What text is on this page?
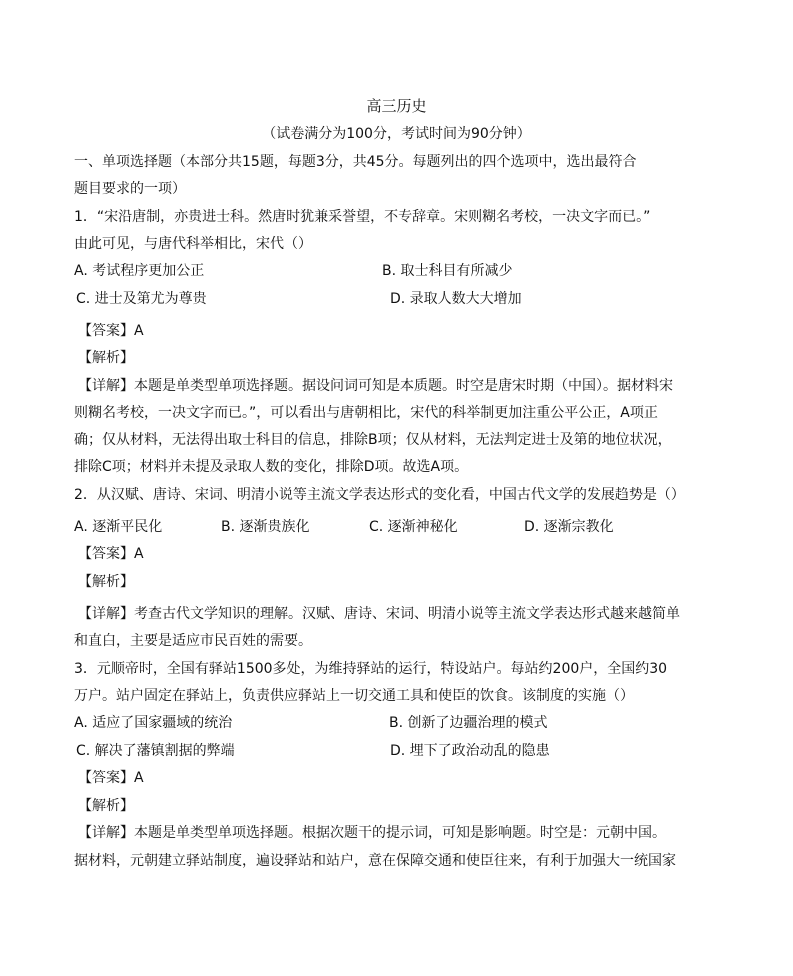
高三历史
（试卷满分为100分，考试时间为90分钟）
一、单项选择题（本部分共15题，每题3分，共45分。每题列出的四个选项中，选出最符合
题目要求的一项）
1．“宋沿唐制，亦贵进士科。然唐时犹兼采誉望，不专辞章。宋则糊名考校，一决文字而已。”
由此可见，与唐代科举相比，宋代（）
A. 考试程序更加公正	B. 取士科目有所减少
C. 进士及第尤为尊贵	D. 录取人数大大增加
【答案】A
【解析】
【详解】本题是单类型单项选择题。据设问词可知是本质题。时空是唐宋时期（中国）。据材料宋
则糊名考校，一决文字而已。”，可以看出与唐朝相比，宋代的科举制更加注重公平公正，A项正
确；仅从材料，无法得出取士科目的信息，排除B项；仅从材料，无法判定进士及第的地位状况，
排除C项；材料并未提及录取人数的变化，排除D项。故选A项。
2．从汉赋、唐诗、宋词、明清小说等主流文学表达形式的变化看，中国古代文学的发展趋势是（）
A. 逐渐平民化	B. 逐渐贵族化	C. 逐渐神秘化	D. 逐渐宗教化
【答案】A
【解析】
【详解】考查古代文学知识的理解。汉赋、唐诗、宋词、明清小说等主流文学表达形式越来越简单
和直白，主要是适应市民百姓的需要。
3．元顺帝时，全国有驿站1500多处，为维持驿站的运行，特设站户。每站约200户，全国约30
万户。站户固定在驿站上，负责供应驿站上一切交通工具和使臣的饮食。该制度的实施（）
A. 适应了国家疆域的统治	B. 创新了边疆治理的模式
C. 解决了藩镇割据的弊端	D. 埋下了政治动乱的隐患
【答案】A
【解析】
【详解】本题是单类型单项选择题。根据次题干的提示词，可知是影响题。时空是：元朝中国。
据材料，元朝建立驿站制度，遍设驿站和站户，意在保障交通和使臣往来，有利于加强大一统国家
